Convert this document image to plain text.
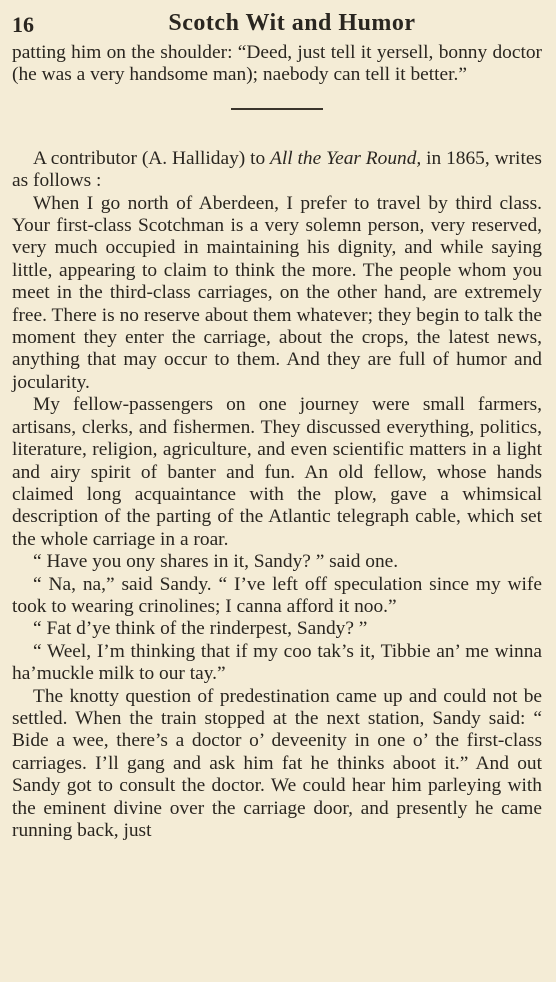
16	Scotch Wit and Humor

patting him on the shoulder: “Deed, just tell it yersell, bonny doctor (he was a very handsome man); naebody can tell it better.”

A contributor (A. Halliday) to All the Year Round, in 1865, writes as follows :

When I go north of Aberdeen, I prefer to travel by third class. Your first-class Scotchman is a very solemn person, very reserved, very much occupied in maintaining his dignity, and while saying little, appearing to claim to think the more. The people whom you meet in the third-class carriages, on the other hand, are extremely free. There is no reserve about them whatever; they begin to talk the moment they enter the carriage, about the crops, the latest news, anything that may occur to them. And they are full of humor and jocularity.

My fellow-passengers on one journey were small farmers, artisans, clerks, and fishermen. They discussed everything, politics, literature, religion, agriculture, and even scientific matters in a light and airy spirit of banter and fun. An old fellow, whose hands claimed long acquaintance with the plow, gave a whimsical description of the parting of the Atlantic telegraph cable, which set the whole carriage in a roar.

“ Have you ony shares in it, Sandy? ” said one.

“ Na, na,” said Sandy. “ I’ve left off speculation since my wife took to wearing crinolines; I canna afford it noo.”

“ Fat d’ye think of the rinderpest, Sandy? ”

“ Weel, I’m thinking that if my coo tak’s it, Tibbie an’ me winna ha’muckle milk to our tay.”

The knotty question of predestination came up and could not be settled. When the train stopped at the next station, Sandy said: “ Bide a wee, there’s a doctor o’ deveenity in one o’ the first-class carriages. I’ll gang and ask him fat he thinks aboot it.” And out Sandy got to consult the doctor. We could hear him parleying with the eminent divine over the carriage door, and presently he came running back, just
